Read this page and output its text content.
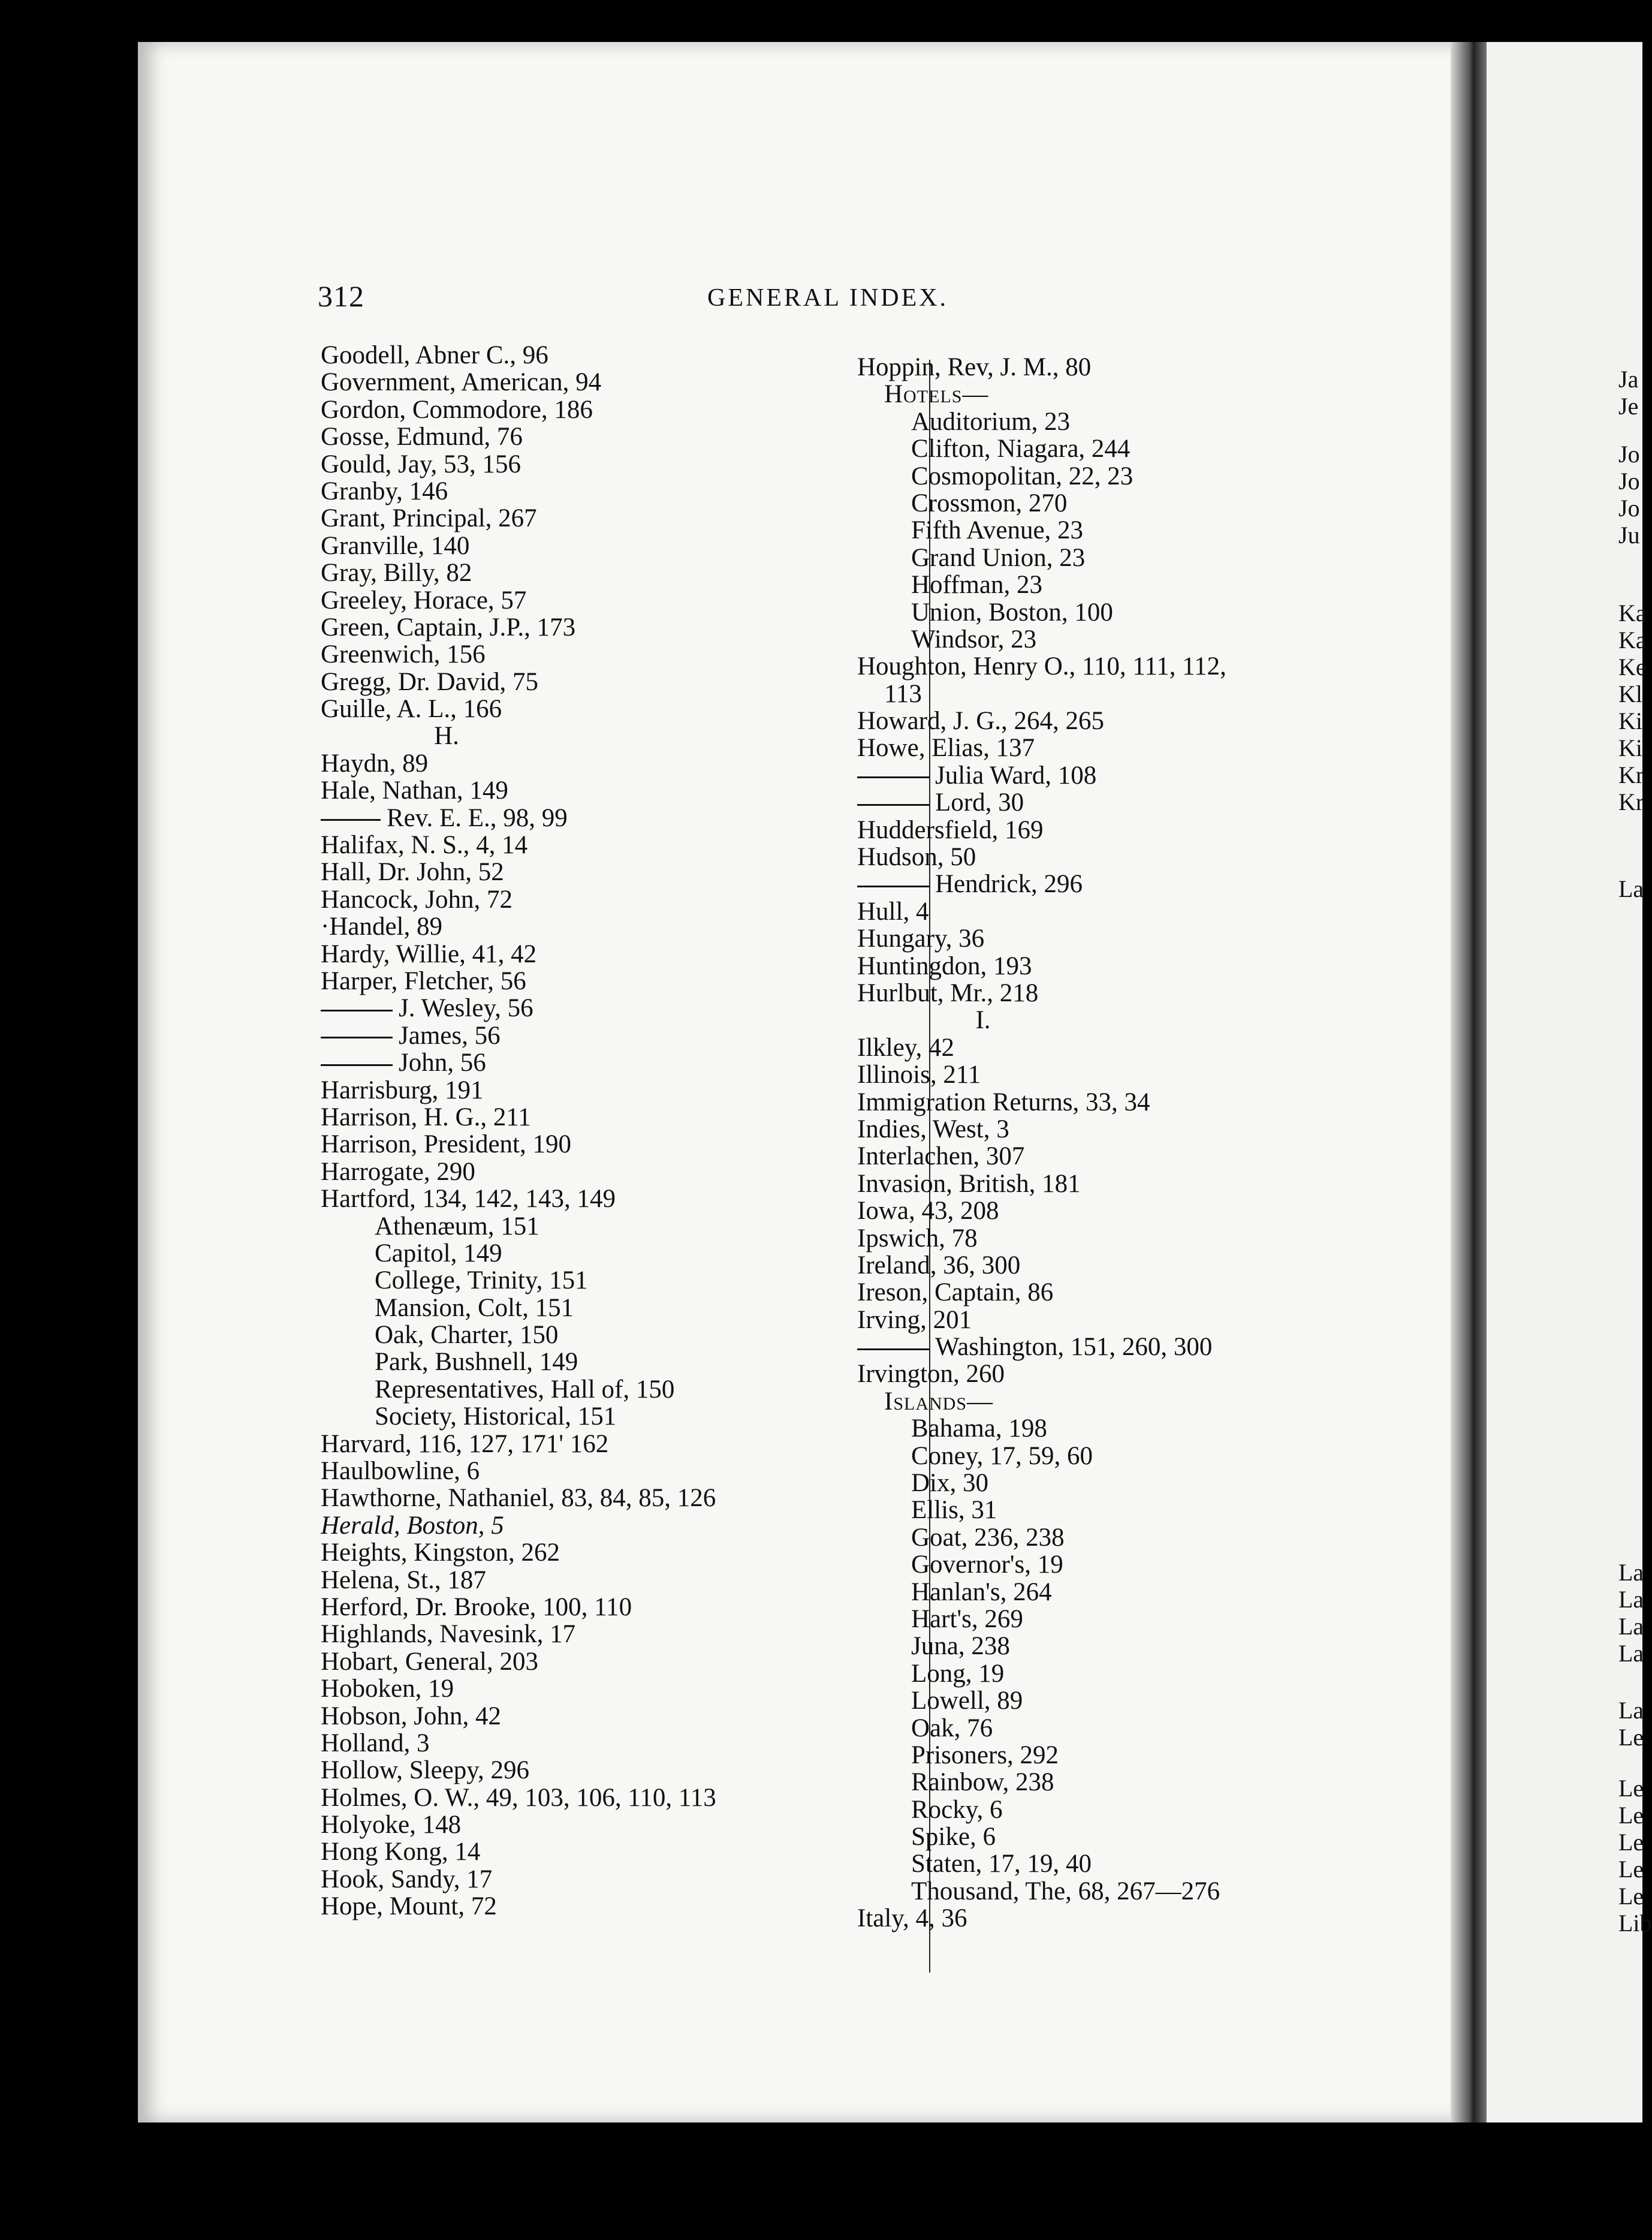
312	GENERAL INDEX.
Goodell, Abner C., 96
Government, American, 94
Gordon, Commodore, 186
Gosse, Edmund, 76
Gould, Jay, 53, 156
Granby, 146
Grant, Principal, 267
Granville, 140
Gray, Billy, 82
Greeley, Horace, 57
Green, Captain, J.P., 173
Greenwich, 156
Gregg, Dr. David, 75
Guille, A. L., 166
H.
Haydn, 89
Hale, Nathan, 149
Rev. E. E., 98, 99
Halifax, N. S., 4, 14
Hall, Dr. John, 52
Hancock, John, 72
·Handel, 89
Hardy, Willie, 41, 42
Harper, Fletcher, 56
J. Wesley, 56
James, 56
John, 56
Harrisburg, 191
Harrison, H. G., 211
Harrison, President, 190
Harrogate, 290
Hartford, 134, 142, 143, 149
Athenæum, 151
Capitol, 149
College, Trinity, 151
Mansion, Colt, 151
Oak, Charter, 150
Park, Bushnell, 149
Representatives, Hall of, 150
Society, Historical, 151
Harvard, 116, 127, 171' 162
Haulbowline, 6
Hawthorne, Nathaniel, 83, 84, 85, 126
Herald, Boston, 5
Heights, Kingston, 262
Helena, St., 187
Herford, Dr. Brooke, 100, 110
Highlands, Navesink, 17
Hobart, General, 203
Hoboken, 19
Hobson, John, 42
Holland, 3
Hollow, Sleepy, 296
Holmes, O. W., 49, 103, 106, 110, 113
Holyoke, 148
Hong Kong, 14
Hook, Sandy, 17
Hope, Mount, 72
Hoppin, Rev, J. M., 80
Hotels—
Auditorium, 23
Clifton, Niagara, 244
Cosmopolitan, 22, 23
Crossmon, 270
Fifth Avenue, 23
Grand Union, 23
Hoffman, 23
Union, Boston, 100
Windsor, 23
Houghton, Henry O., 110, 111, 112,
113
Howard, J. G., 264, 265
Howe, Elias, 137
Julia Ward, 108
Lord, 30
Huddersfield, 169
Hudson, 50
Hendrick, 296
Hull, 4
Hungary, 36
Huntingdon, 193
Hurlbut, Mr., 218
I.
Ilkley, 42
Illinois, 211
Immigration Returns, 33, 34
Indies, West, 3
Interlachen, 307
Invasion, British, 181
Iowa, 43, 208
Ipswich, 78
Ireland, 36, 300
Ireson, Captain, 86
Irving, 201
Washington, 151, 260, 300
Irvington, 260
Islands—
Bahama, 198
Coney, 17, 59, 60
Dix, 30
Ellis, 31
Goat, 236, 238
Governor's, 19
Hanlan's, 264
Hart's, 269
Juna, 238
Long, 19
Lowell, 89
Oak, 76
Prisoners, 292
Rainbow, 238
Rocky, 6
Spike, 6
Staten, 17, 19, 40
Thousand, The, 68, 267—276
Italy, 4, 36
Ja
Je
Jo
Jo
Jo
Ju
Ka
Ka
Ke
Kl
Ki
Ki
Kr
Kr
La
La
La
La
La
La
Le
Le
Le
Le
Le
Le
Lib
